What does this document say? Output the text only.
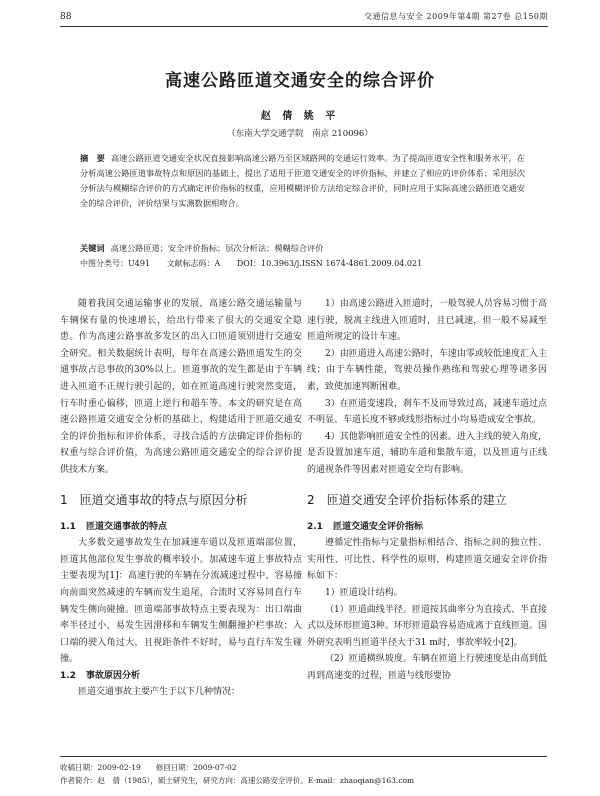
88	交通信息与安全 2009年第4期 第27卷 总150期
高速公路匝道交通安全的综合评价
赵 倩 姚 平
（东南大学交通学院　南京 210096）
摘　要 高速公路匝道交通安全状况直接影响高速公路乃至区域路网的交通运行效率。为了提高匝道安全性和服务水平，在分析高速公路匝道事故特点和原因的基础上，提出了适用于匝道交通安全的评价指标，并建立了相应的评价体系；采用层次分析法与模糊综合评价的方式确定评价指标的权重，应用模糊评价方法给定综合评价，同时应用于实际高速公路匝道交通安全的综合评价，评价结果与实测数据相吻合。
关键词 高速公路匝道；安全评价指标；层次分析法；模糊综合评价
中图分类号：U491 文献标志码：A DOI：10.3963/j.ISSN 1674-4861.2009.04.021

随着我国交通运输事业的发展，高速公路交通运输量与车辆保有量的快速增长，给出行带来了很大的交通安全隐患。作为高速公路事故多发区的出入口匝道须别进行交通安全研究。相关数据统计表明，每年在高速公路匝道发生的交通事故占总事故的30%以上。匝道事故的发生都是由于车辆进入匝道不正规行驶引起的，如在匝道高速行驶突然变道，行车时重心偏移，匝道上逆行和超车等。本文的研究是在高速公路匝道交通安全分析的基础上，构建适用于匝道交通安全的评价指标和评价体系，寻找合适的方法确定评价指标的权重与综合评价值，为高速公路匝道交通安全的综合评价提供技术方案。

1 匝道交通事故的特点与原因分析
1.1 匝道交通事故的特点

大多数交通事故发生在加减速车道以及匝道端部位置，匝道其他部位发生事故的概率较小。加减速车道上事故特点主要表现为[1]：高速行驶的车辆在分流减速过程中，容易撞向前面突然减速的车辆而发生追尾，合流时又容易同直行车辆发生侧向碰撞。匝道端部事故特点主要表现为：出口端曲率半径过小，易发生因滑移和车辆发生侧翻撞护栏事故；入口端的驶入角过大，且视距条件不好时，易与直行车发生碰撞。

1.2 事故原因分析

匝道交通事故主要产生于以下几种情况：

1）由高速公路进入匝道时，一般驾驶人员容易习惯于高速行驶，脱离主线进入匝道时，且已减速，但一般不易减至匝道所规定的设计车速。

2）由匝道进入高速公路时，车速由零或较低速度汇入主线；由于车辆性能，驾驶员操作熟练和驾驶心理等诸多因素，致使加速判断困难。

3）在匝道变速段，刹车不及而导致过高，减速车道过点不明显、车道长度不够或线形指标过小均易造成安全事故。

4）其他影响匝道安全性的因素。进入主线的驶入角度，是否设置加速车道，辅助车道和集散车道，以及匝道与正线的通视条件等因素对匝道安全均有影响。

2 匝道交通安全评价指标体系的建立
2.1 匝道交通安全评价指标

遵循定性指标与定量指标相结合、指标之间的独立性、实用性、可比性、科学性的原则，构建匝道交通安全评价指标如下：

1）匝道设计结构。

（1）匝道曲线半径。匝道按其曲率分为直接式、半直接式以及环形匝道3种。环形匝道最容易造成离于直线匝道。国外研究表明当匝道半径大于31 m时，事故率较小[2]。

（2）匝道横纵坡度。车辆在匝道上行驶速度是由高到低再到高速变的过程，匝道与线形要协

收稿日期：2009-02-19　　修回日期：2009-07-02
作者简介：赵　倩（1985），硕士研究生，研究方向：高速公路安全评价。E-mail：zhaoqian@163.com
